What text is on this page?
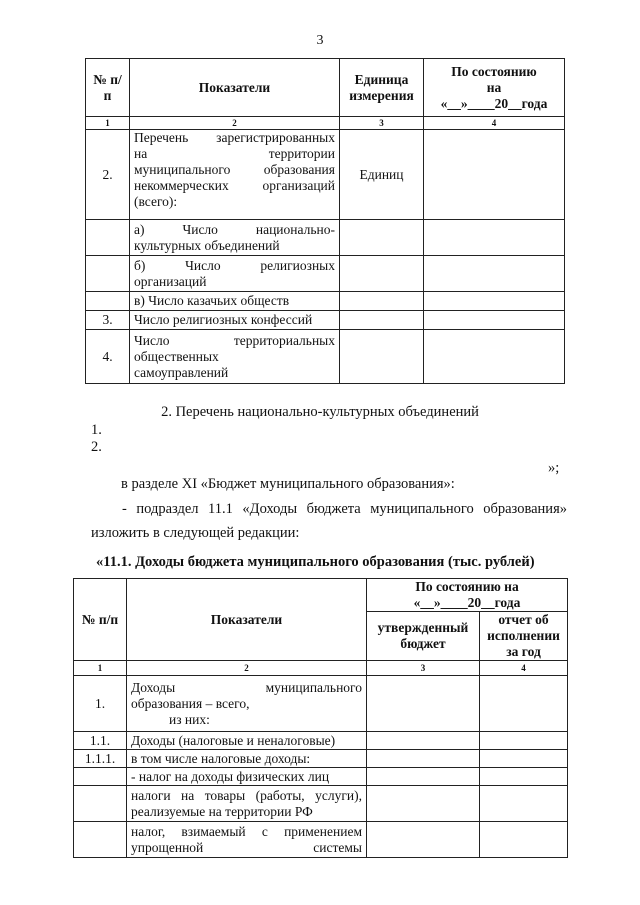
3
№ п/п	Показатели	Единица измерения	По состоянию
на
«__»____20__года

1	2	3	4
2.	Перечень зарегистрированных
на территории
муниципального образования
некоммерческих организаций
(всего):	Единиц	

	а) Число национально-
культурных объединений		

	б) Число религиозных
организаций		

	в) Число казачьих обществ		
3.	Число религиозных конфессий		
4.	Число территориальных
общественных
самоуправлений		

2. Перечень национально-культурных объединений
1.
2.
»;
в разделе XI «Бюджет муниципального образования»:
- подраздел 11.1 «Доходы бюджета муниципального образования»
изложить в следующей редакции:
«11.1. Доходы бюджета муниципального образования (тыс. рублей)
№ п/п	Показатели	По состоянию на
«__»____20__года	

		утвержденный бюджет	отчет об исполнении за год
1	2	3	4
1.	Доходы муниципального
образования – всего,
из них:		

1.1.	Доходы (налоговые и неналоговые)		
1.1.1.	в том числе налоговые доходы:		
	- налог на доходы физических лиц		

	налоги на товары (работы, услуги),
реализуемые на территории РФ		

	налог, взимаемый с применением
упрощенной системы		
